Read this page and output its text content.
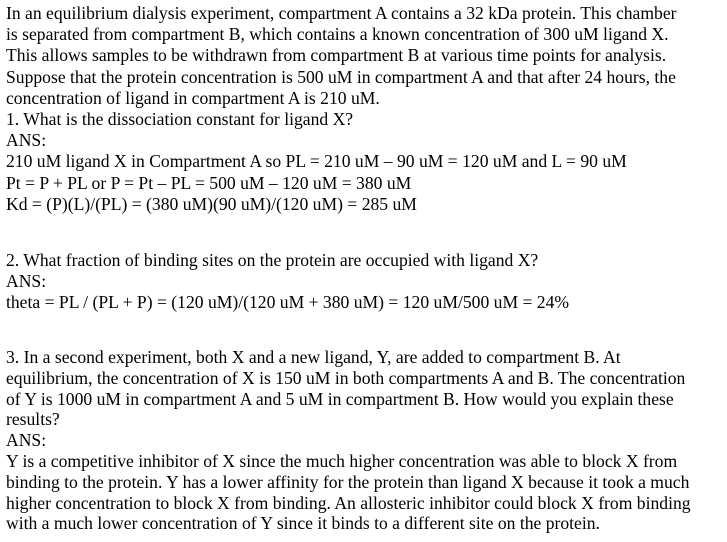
In an equilibrium dialysis experiment, compartment A contains a 32 kDa protein. This chamber
is separated from compartment B, which contains a known concentration of 300 uM ligand X.
This allows samples to be withdrawn from compartment B at various time points for analysis.
Suppose that the protein concentration is 500 uM in compartment A and that after 24 hours, the
concentration of ligand in compartment A is 210 uM.
1. What is the dissociation constant for ligand X?
ANS:
210 uM ligand X in Compartment A so PL = 210 uM – 90 uM = 120 uM and L = 90 uM
Pt = P + PL or P = Pt – PL = 500 uM – 120 uM = 380 uM
Kd = (P)(L)/(PL) = (380 uM)(90 uM)/(120 uM) = 285 uM
2. What fraction of binding sites on the protein are occupied with ligand X?
ANS:
theta = PL / (PL + P) = (120 uM)/(120 uM + 380 uM) = 120 uM/500 uM = 24%
3. In a second experiment, both X and a new ligand, Y, are added to compartment B. At
equilibrium, the concentration of X is 150 uM in both compartments A and B. The concentration
of Y is 1000 uM in compartment A and 5 uM in compartment B. How would you explain these
results?
ANS:
Y is a competitive inhibitor of X since the much higher concentration was able to block X from
binding to the protein. Y has a lower affinity for the protein than ligand X because it took a much
higher concentration to block X from binding. An allosteric inhibitor could block X from binding
with a much lower concentration of Y since it binds to a different site on the protein.
